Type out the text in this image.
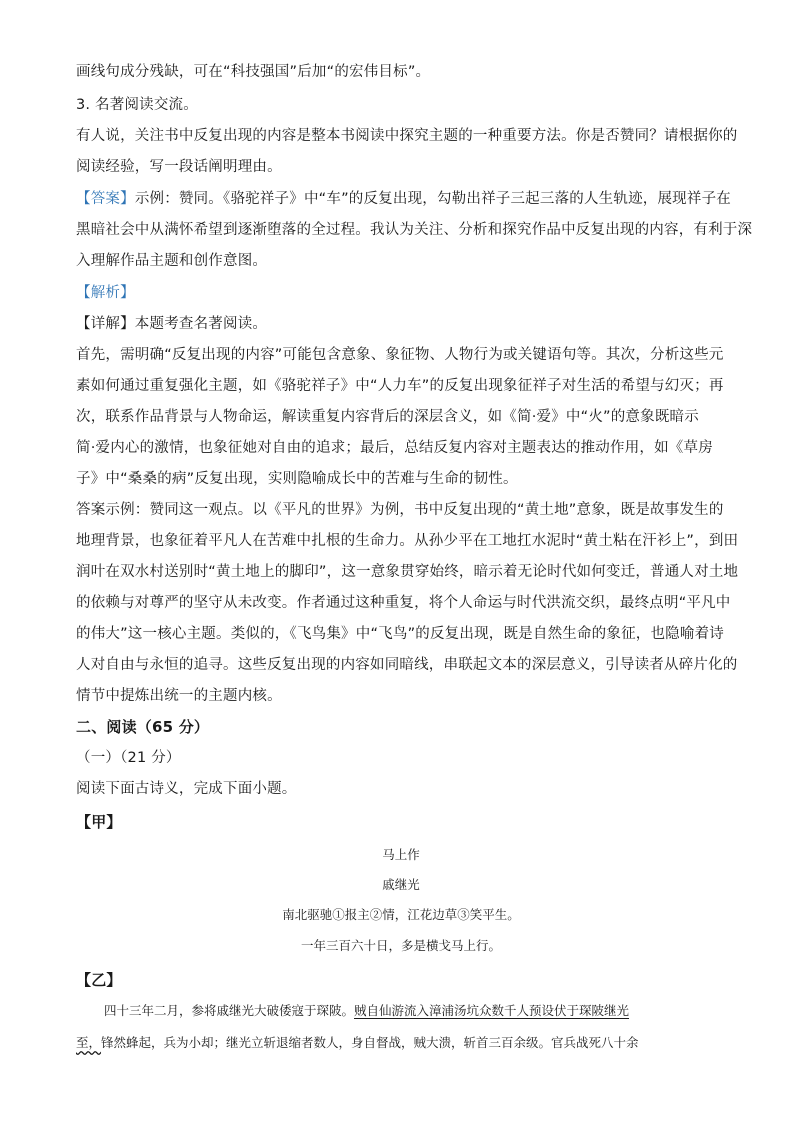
画线句成分残缺，可在“科技强国”后加“的宏伟目标”。
3. 名著阅读交流。
有人说，关注书中反复出现的内容是整本书阅读中探究主题的一种重要方法。你是否赞同？请根据你的
阅读经验，写一段话阐明理由。
【答案】示例：赞同。《骆驼祥子》中“车”的反复出现，勾勒出祥子三起三落的人生轨迹，展现祥子在
黑暗社会中从满怀希望到逐渐堕落的全过程。我认为关注、分析和探究作品中反复出现的内容，有利于深
入理解作品主题和创作意图。
【解析】
【详解】本题考查名著阅读。
首先，需明确“反复出现的内容”可能包含意象、象征物、人物行为或关键语句等。其次，分析这些元
素如何通过重复强化主题，如《骆驼祥子》中“人力车”的反复出现象征祥子对生活的希望与幻灭；再
次，联系作品背景与人物命运，解读重复内容背后的深层含义，如《简·爱》中“火”的意象既暗示
简·爱内心的激情，也象征她对自由的追求；最后，总结反复内容对主题表达的推动作用，如《草房
子》中“桑桑的病”反复出现，实则隐喻成长中的苦难与生命的韧性。
答案示例：赞同这一观点。以《平凡的世界》为例，书中反复出现的“黄土地”意象，既是故事发生的
地理背景，也象征着平凡人在苦难中扎根的生命力。从孙少平在工地扛水泥时“黄土粘在汗衫上”，到田
润叶在双水村送别时“黄土地上的脚印”，这一意象贯穿始终，暗示着无论时代如何变迁，普通人对土地
的依赖与对尊严的坚守从未改变。作者通过这种重复，将个人命运与时代洪流交织，最终点明“平凡中
的伟大”这一核心主题。类似的，《飞鸟集》中“飞鸟”的反复出现，既是自然生命的象征，也隐喻着诗
人对自由与永恒的追寻。这些反复出现的内容如同暗线，串联起文本的深层意义，引导读者从碎片化的
情节中提炼出统一的主题内核。
二、阅读（65 分）
（一）（21 分）
阅读下面古诗义，完成下面小题。
【甲】
马上作
戚继光
南北驱驰①报主②情，江花边草③笑平生。
一年三百六十日，多是横戈马上行。
【乙】
四十三年二月，参将戚继光大破倭寇于琛陂。贼自仙游流入漳浦汤坑众数千人预设伏于琛陂继光
至，锋然蜂起，兵为小却；继光立斩退缩者数人，身自督战，贼大溃，斩首三百余级。官兵战死八十余
